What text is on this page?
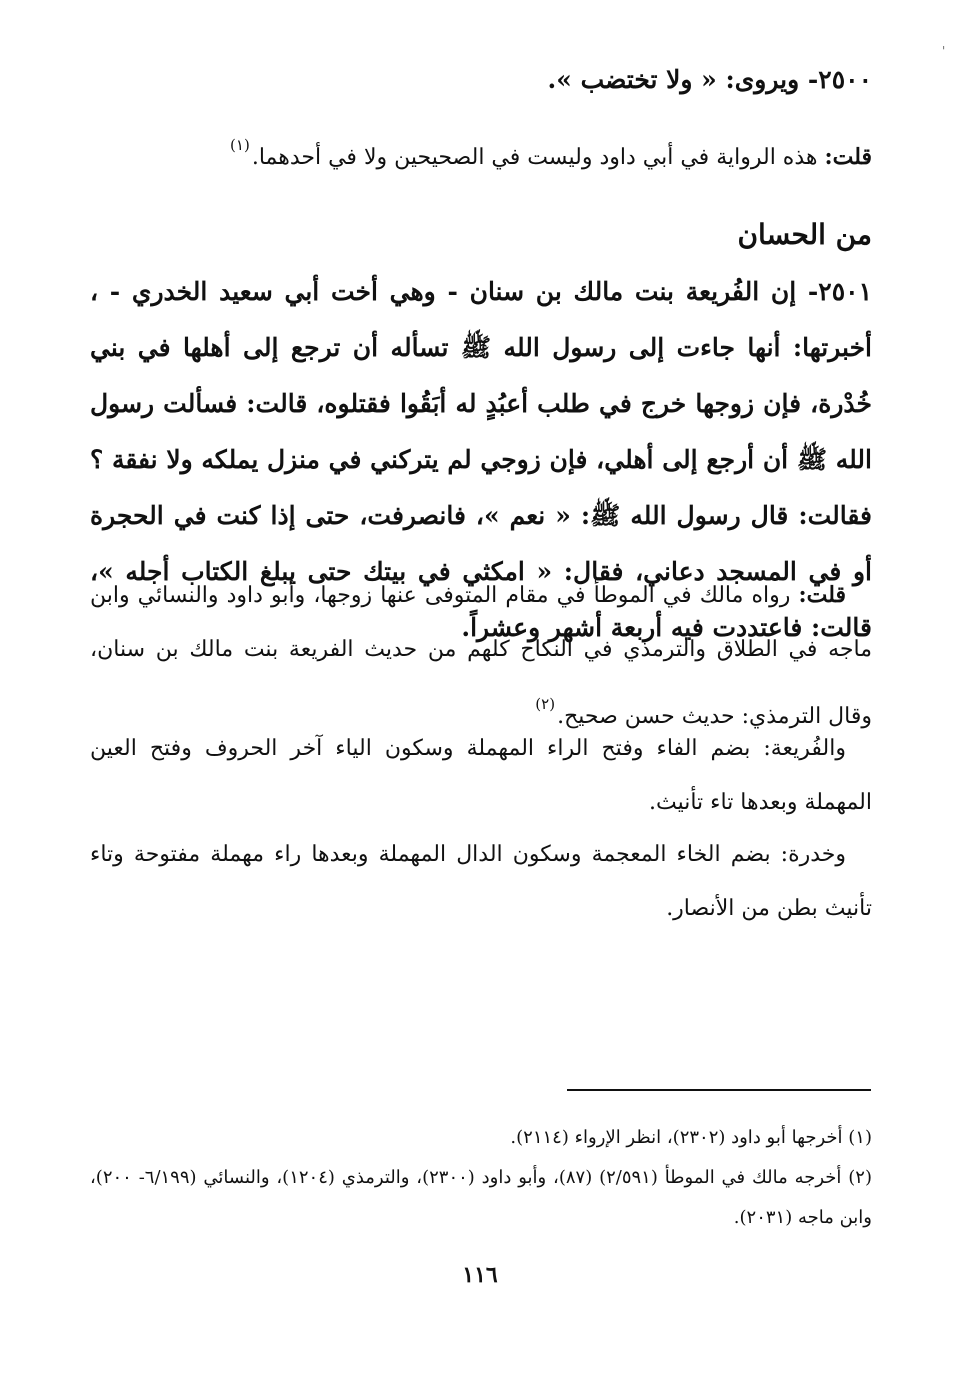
'

٢٥٠٠- ويروى: « ولا تختضب ».

قلت: هذه الرواية في أبي داود وليست في الصحيحين ولا في أحدهما.$^{(١)}$

من الحسان

٢٥٠١- إن الفُريعة بنت مالك بن سنان - وهي أخت أبي سعيد الخدري - ، أخبرتها: أنها جاءت إلى رسول الله ﷺ تسأله أن ترجع إلى أهلها في بني خُدْرة، فإن زوجها خرج في طلب أعبُدٍ له أبَقُوا فقتلوه، قالت: فسألت رسول الله ﷺ أن أرجع إلى أهلي، فإن زوجي لم يتركني في منزل يملكه ولا نفقة ؟ فقالت: قال رسول الله ﷺ: « نعم »، فانصرفت، حتى إذا كنت في الحجرة أو في المسجد دعاني، فقال: « امكثي في بيتك حتى يبلغ الكتاب أجله »، قالت: فاعتددت فيه أربعة أشهر وعشراً.

قلت: رواه مالك في الموطأ في مقام المتوفى عنها زوجها، وأبو داود والنسائي وابن ماجه في الطلاق والترمذي في النكاح كلهم من حديث الفريعة بنت مالك بن سنان، وقال الترمذي: حديث حسن صحيح.$^{(٢)}$

والفُريعة: بضم الفاء وفتح الراء المهملة وسكون الياء آخر الحروف وفتح العين المهملة وبعدها تاء تأنيث.

وخدرة: بضم الخاء المعجمة وسكون الدال المهملة وبعدها راء مهملة مفتوحة وتاء تأنيث بطن من الأنصار.

(١) أخرجها أبو داود (٢٣٠٢)، انظر الإرواء (٢١١٤).

(٢) أخرجه مالك في الموطأ (٢/٥٩١) (٨٧)، وأبو داود (٢٣٠٠)، والترمذي (١٢٠٤)، والنسائي (٦/١٩٩- ٢٠٠)، وابن ماجه (٢٠٣١).

١١٦
